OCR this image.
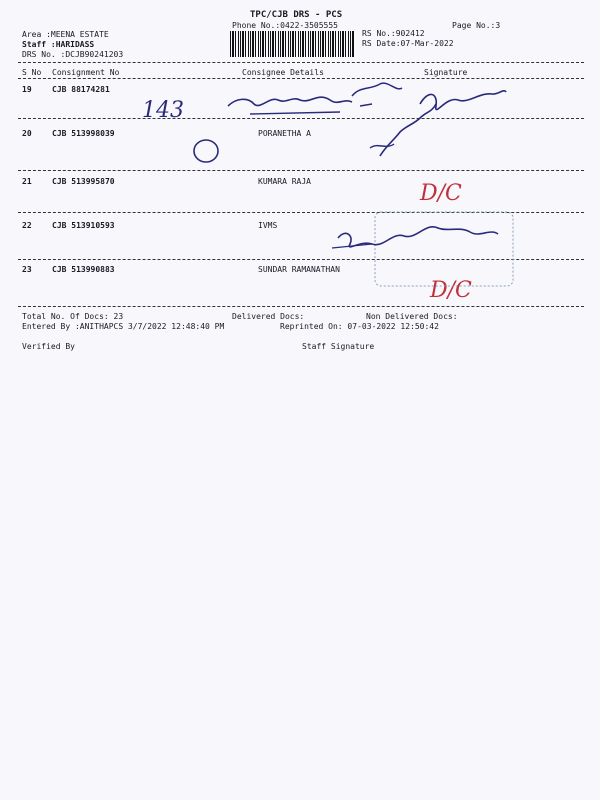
TPC/CJB DRS - PCS
Phone No.:0422-3505555	Page No.:3
Area :MEENA ESTATE
Staff :HARIDASS
DRS No. :DCJB90241203
RS No.:902412
RS Date:07-Mar-2022
S No Consignment No	Consignee Details	Signature
19	CJB 88174281
20	CJB 513998039	PORANETHA A
21	CJB 513995870	KUMARA RAJA
22	CJB 513910593	IVMS
23	CJB 513990883	SUNDAR RAMANATHAN
Total No. Of Docs: 23	Delivered Docs:	Non Delivered Docs:
Entered By :ANITHAPCS 3/7/2022 12:48:40 PM	Reprinted On: 07-03-2022 12:50:42
Verified By	Staff Signature
143
D/C
D/C
